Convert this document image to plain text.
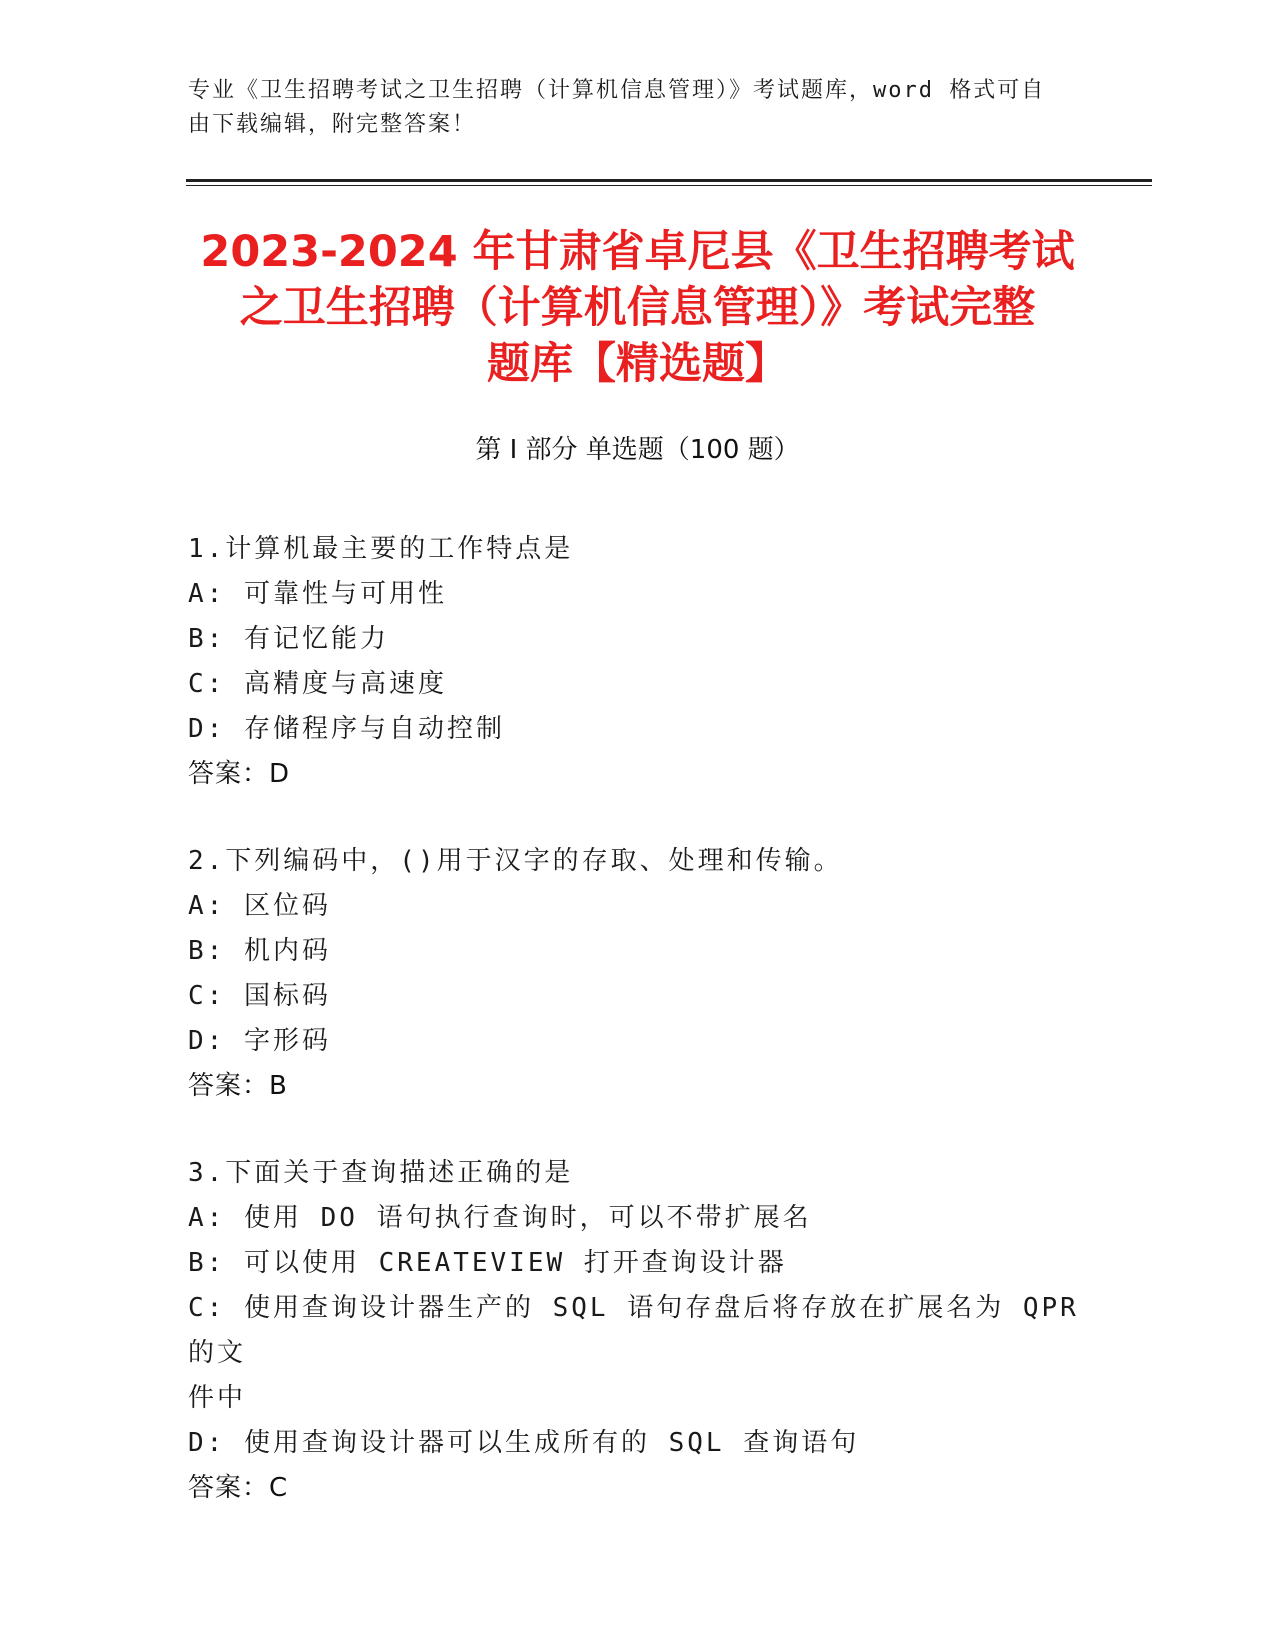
专业《卫生招聘考试之卫生招聘（计算机信息管理）》考试题库，word 格式可自
由下载编辑，附完整答案！
2023-2024 年甘肃省卓尼县《卫生招聘考试
之卫生招聘（计算机信息管理）》考试完整
题库【精选题】
第 I 部分 单选题（100 题）
1.计算机最主要的工作特点是
A: 可靠性与可用性
B: 有记忆能力
C: 高精度与高速度
D: 存储程序与自动控制
答案：D
2.下列编码中，()用于汉字的存取、处理和传输。
A: 区位码
B: 机内码
C: 国标码
D: 字形码
答案：B
3.下面关于查询描述正确的是
A: 使用 DO 语句执行查询时，可以不带扩展名
B: 可以使用 CREATEVIEW 打开查询设计器
C: 使用查询设计器生产的 SQL 语句存盘后将存放在扩展名为 QPR 的文
件中
D: 使用查询设计器可以生成所有的 SQL 查询语句
答案：C
